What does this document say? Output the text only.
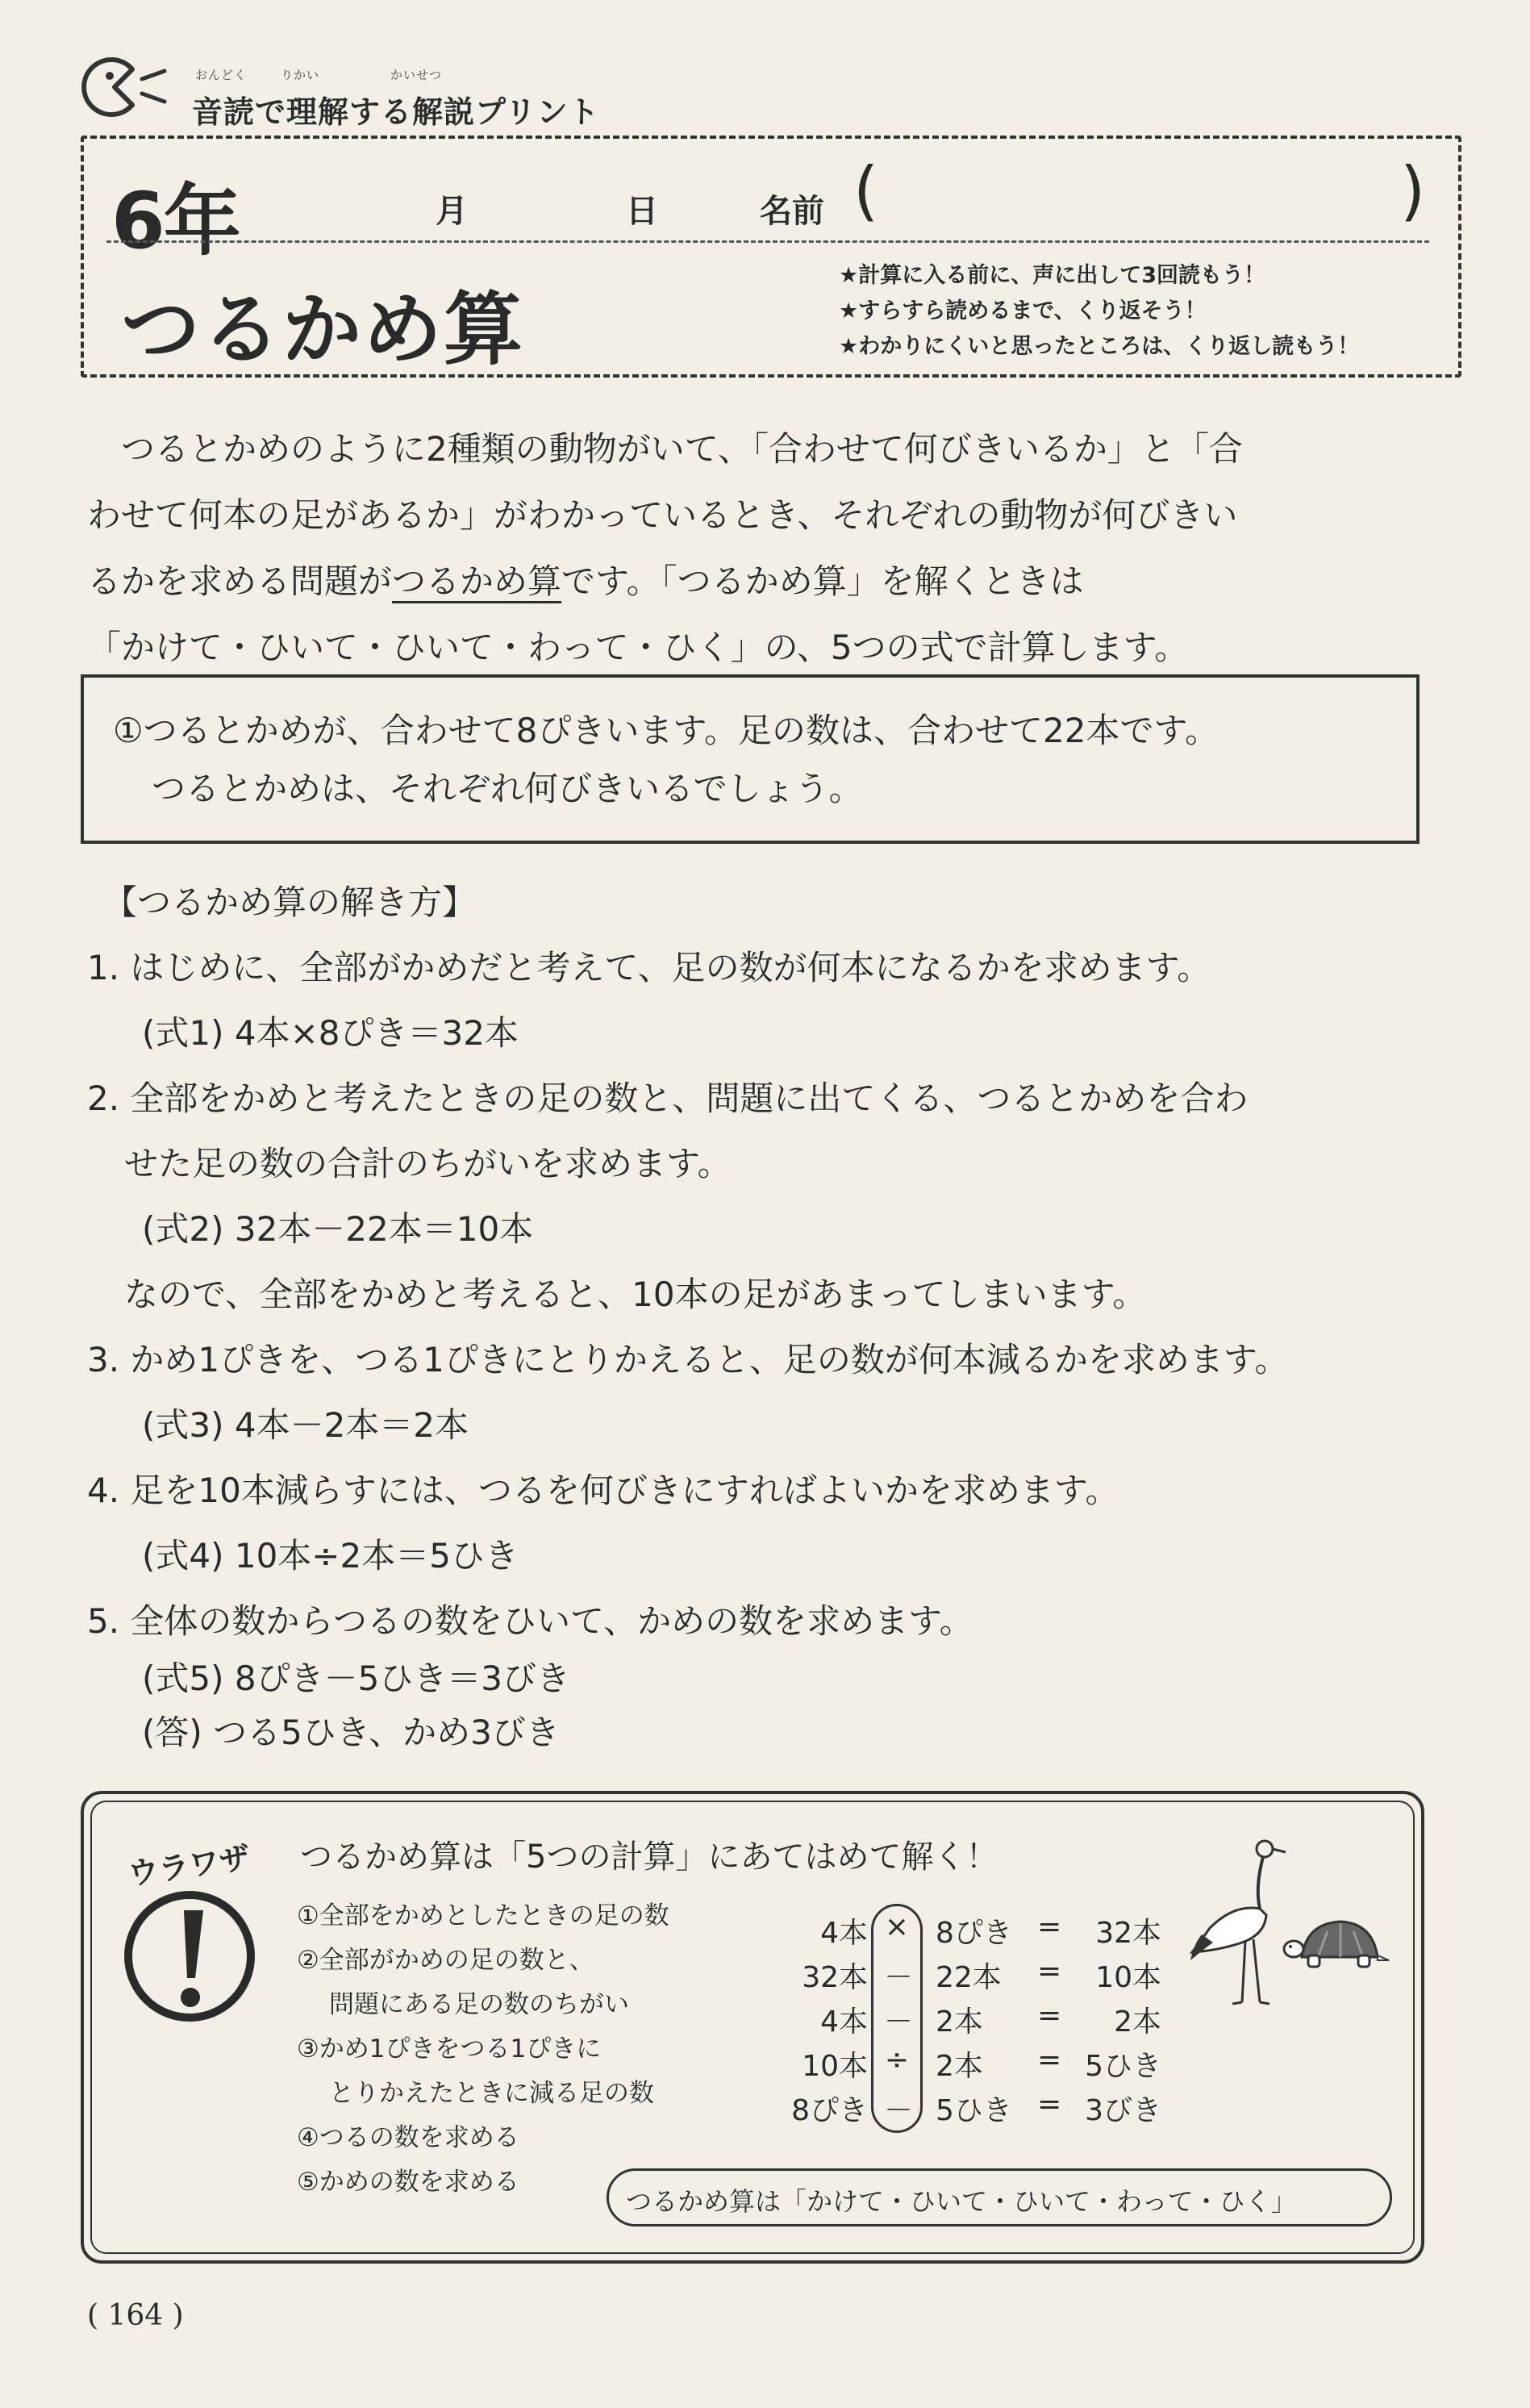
おんどく	りかい	かいせつ
音読で理解する解説プリント
6年	月	日	名前 (	)
つるかめ算
★計算に入る前に、声に出して3回読もう！
★すらすら読めるまで、くり返そう！
★わかりにくいと思ったところは、くり返し読もう！

つるとかめのように2種類の動物がいて、「合わせて何びきいるか」と「合

わせて何本の足があるか」がわかっているとき、それぞれの動物が何びきい

るかを求める問題がつるかめ算です。「つるかめ算」を解くときは

「かけて・ひいて・ひいて・わって・ひく」の、5つの式で計算します。

①つるとかめが、合わせて8ぴきいます。足の数は、合わせて22本です。
つるとかめは、それぞれ何びきいるでしょう。

【つるかめ算の解き方】

1. はじめに、全部がかめだと考えて、足の数が何本になるかを求めます。

(式1) 4本×8ぴき＝32本

2. 全部をかめと考えたときの足の数と、問題に出てくる、つるとかめを合わ

せた足の数の合計のちがいを求めます。

(式2) 32本－22本＝10本

なので、全部をかめと考えると、10本の足があまってしまいます。

3. かめ1ぴきを、つる1ぴきにとりかえると、足の数が何本減るかを求めます。

(式3) 4本－2本＝2本

4. 足を10本減らすには、つるを何びきにすればよいかを求めます。

(式4) 10本÷2本＝5ひき

5. 全体の数からつるの数をひいて、かめの数を求めます。

(式5) 8ぴき－5ひき＝3びき

(答) つる5ひき、かめ3びき

ウラワザ つるかめ算は「5つの計算」にあてはめて解く！

①全部をかめとしたときの足の数

②全部がかめの足の数と、

問題にある足の数のちがい

③かめ1ぴきをつる1ぴきに

とりかえたときに減る足の数

④つるの数を求める

⑤かめの数を求める

4本 × 8ぴき = 32本
32本 － 22本 = 10本
4本 － 2本 = 2本
10本 ÷ 2本 = 5ひき
8ぴき － 5ひき = 3びき
つるかめ算は「かけて・ひいて・ひいて・わって・ひく」
( 164 )
